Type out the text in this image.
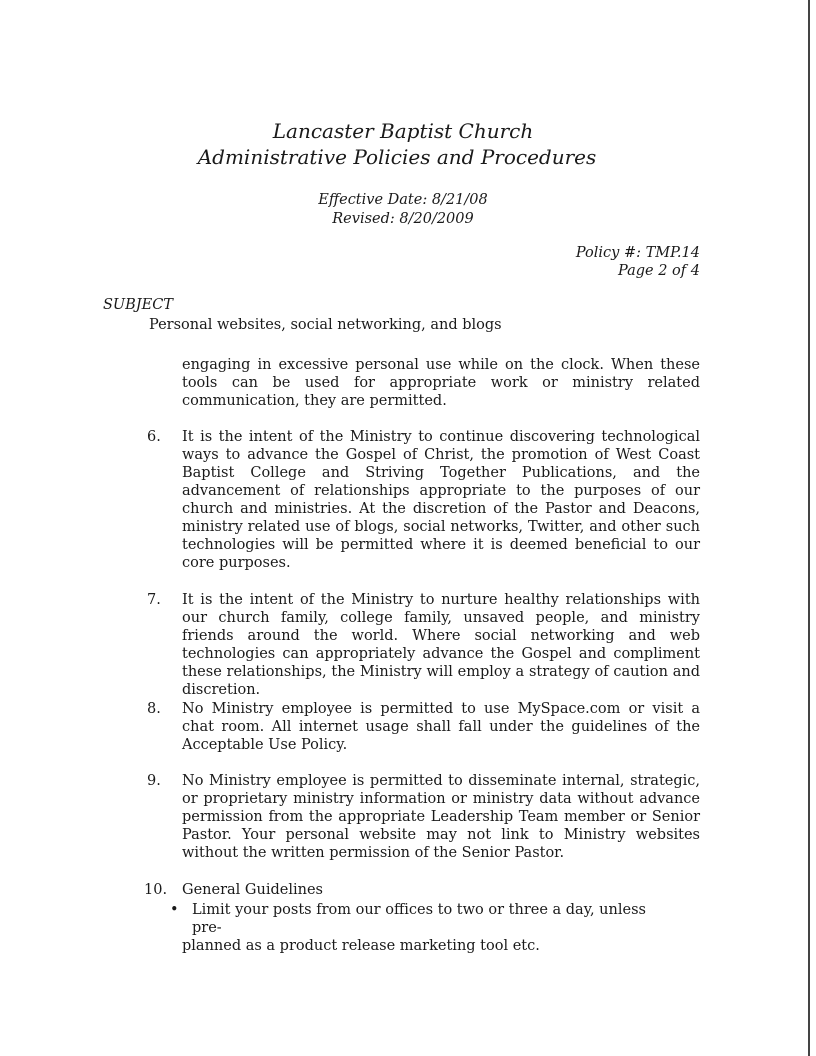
Lancaster Baptist Church
Administrative Policies and Procedures
Effective Date: 8/21/08
Revised: 8/20/2009
Policy #: TMP.14
Page 2 of 4
SUBJECT
Personal websites, social networking, and blogs

engaging in excessive personal use while on the clock. When these tools can be used for appropriate work or ministry related communication, they are permitted.

6. It is the intent of the Ministry to continue discovering technological ways to advance the Gospel of Christ, the promotion of West Coast Baptist College and Striving Together Publications, and the advancement of relationships appropriate to the purposes of our church and ministries. At the discretion of the Pastor and Deacons, ministry related use of blogs, social networks, Twitter, and other such technologies will be permitted where it is deemed beneficial to our core purposes.

7. It is the intent of the Ministry to nurture healthy relationships with our church family, college family, unsaved people, and ministry friends around the world. Where social networking and web technologies can appropriately advance the Gospel and compliment these relationships, the Ministry will employ a strategy of caution and discretion.

8. No Ministry employee is permitted to use MySpace.com or visit a chat room. All internet usage shall fall under the guidelines of the Acceptable Use Policy.

9. No Ministry employee is permitted to disseminate internal, strategic, or proprietary ministry information or ministry data without advance permission from the appropriate Leadership Team member or Senior Pastor. Your personal website may not link to Ministry websites without the written permission of the Senior Pastor.

10. General Guidelines

• Limit your posts from our offices to two or three a day, unless pre-
planned as a product release marketing tool etc.
